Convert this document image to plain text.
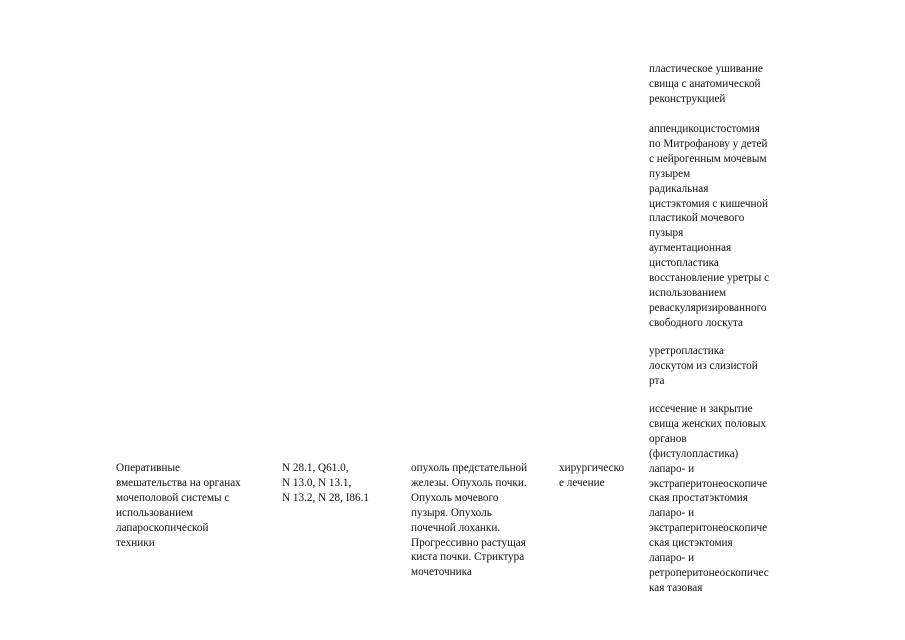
Оперативные
вмешательства на органах
мочеполовой системы с
использованием
лапароскопической
техники
N 28.1, Q61.0,
N 13.0, N 13.1,
N 13.2, N 28, I86.1
опухоль предстательной
железы. Опухоль почки.
Опухоль мочевого
пузыря. Опухоль
почечной лоханки.
Прогрессивно растущая
киста почки. Стриктура
мочеточника
хирургическо
е лечение
пластическое ушивание
свища с анатомической
реконструкцией
аппендикоцистостомия
по Митрофанову у детей
с нейрогенным мочевым
пузырем
радикальная
цистэктомия с кишечной
пластикой мочевого
пузыря
аугментационная
цистопластика
восстановление уретры с
использованием
реваскуляризированного
свободного лоскута
уретропластика
лоскутом из слизистой
рта
иссечение и закрытие
свища женских половых
органов
(фистулопластика)
лапаро- и
экстраперитонеоскопиче
ская простатэктомия
лапаро- и
экстраперитонеоскопиче
ская цистэктомия
лапаро- и
ретроперитонеоскопичес
кая тазовая
